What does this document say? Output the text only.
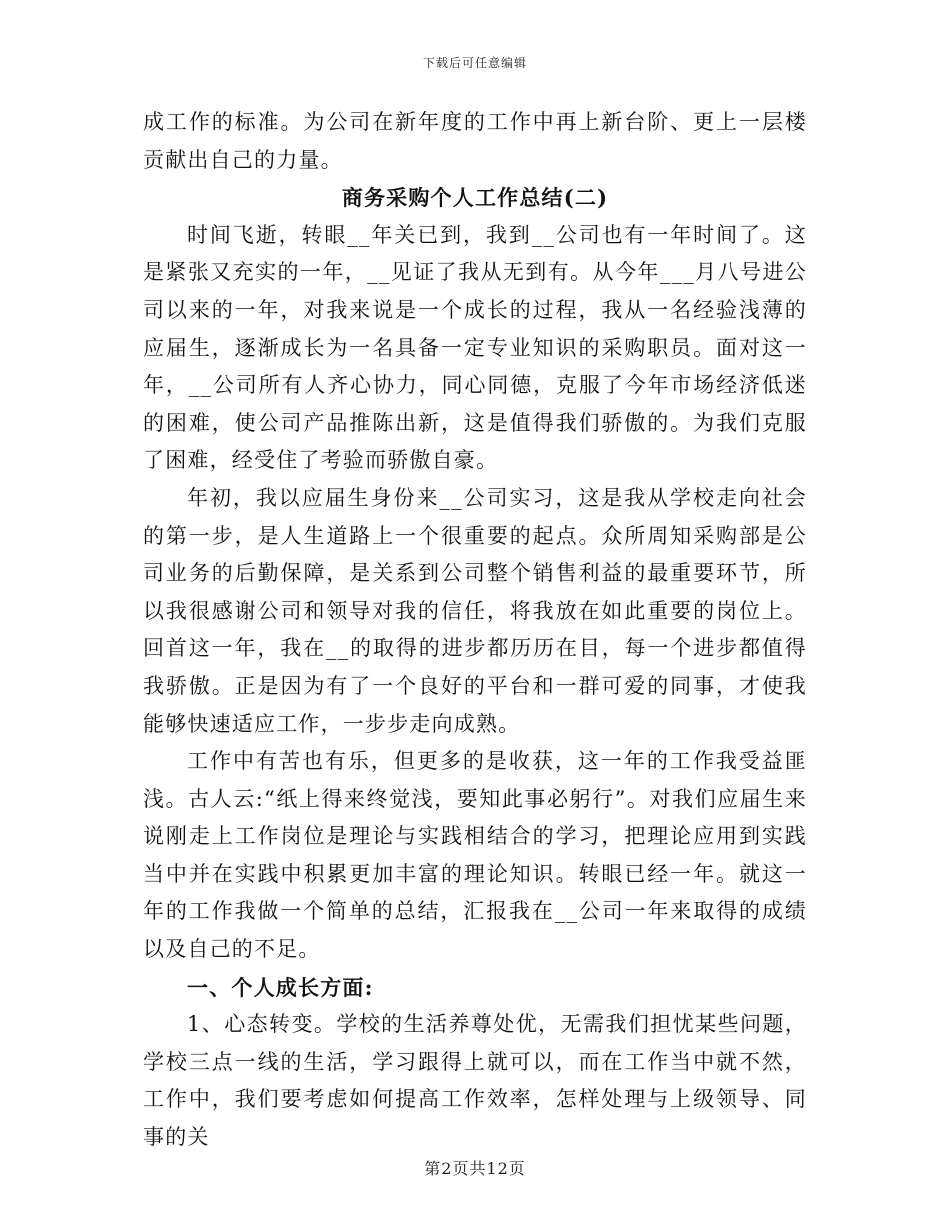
下载后可任意编辑

成工作的标准。为公司在新年度的工作中再上新台阶、更上一层楼贡献出自己的力量。

商务采购个人工作总结(二)

时间飞逝，转眼__年关已到，我到__公司也有一年时间了。这是紧张又充实的一年，__见证了我从无到有。从今年___月八号进公司以来的一年，对我来说是一个成长的过程，我从一名经验浅薄的应届生，逐渐成长为一名具备一定专业知识的采购职员。面对这一年，__公司所有人齐心协力，同心同德，克服了今年市场经济低迷的困难，使公司产品推陈出新，这是值得我们骄傲的。为我们克服了困难，经受住了考验而骄傲自豪。

年初，我以应届生身份来__公司实习，这是我从学校走向社会的第一步，是人生道路上一个很重要的起点。众所周知采购部是公司业务的后勤保障，是关系到公司整个销售利益的最重要环节，所以我很感谢公司和领导对我的信任，将我放在如此重要的岗位上。回首这一年，我在__的取得的进步都历历在目，每一个进步都值得我骄傲。正是因为有了一个良好的平台和一群可爱的同事，才使我能够快速适应工作，一步步走向成熟。

工作中有苦也有乐，但更多的是收获，这一年的工作我受益匪浅。古人云:“纸上得来终觉浅，要知此事必躬行”。对我们应届生来说刚走上工作岗位是理论与实践相结合的学习，把理论应用到实践当中并在实践中积累更加丰富的理论知识。转眼已经一年。就这一年的工作我做一个简单的总结，汇报我在__公司一年来取得的成绩以及自己的不足。

一、个人成长方面:

1、心态转变。学校的生活养尊处优，无需我们担忧某些问题，学校三点一线的生活，学习跟得上就可以，而在工作当中就不然，工作中，我们要考虑如何提高工作效率，怎样处理与上级领导、同事的关

第2页共12页
